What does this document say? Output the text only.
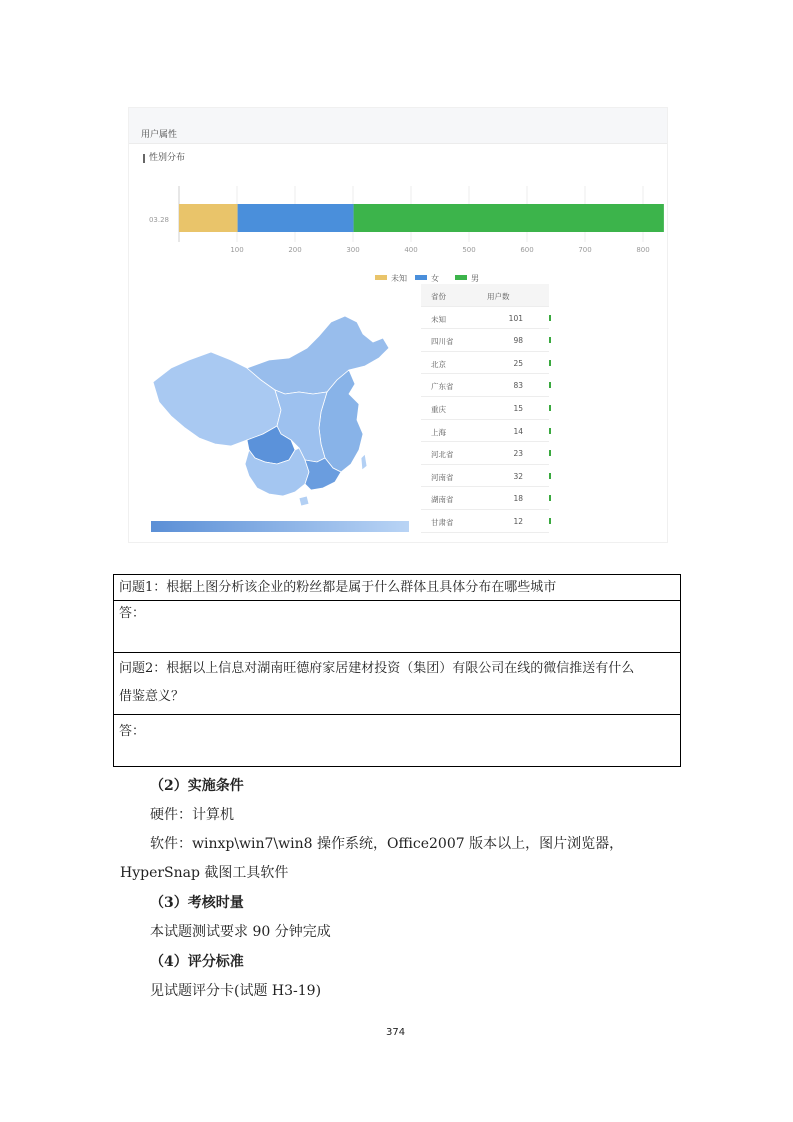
用户属性
性别分布
03.28
100	200	300	400	500	600	700	800
未知	女	男
省份	用户数
未知	101
四川省	98
北京	25
广东省	83
重庆	15
上海	14
河北省	23
河南省	32
湖南省	18
甘肃省	12
问题1：根据上图分析该企业的粉丝都是属于什么群体且具体分布在哪些城市
答：
问题2：根据以上信息对湖南旺德府家居建材投资（集团）有限公司在线的微信推送有什么
借鉴意义？
答：
（2）实施条件
硬件：计算机
软件：winxp\win7\win8 操作系统，Office2007 版本以上，图片浏览器，
HyperSnap 截图工具软件
（3）考核时量
本试题测试要求 90 分钟完成
（4）评分标准
见试题评分卡(试题 H3-19)
374
